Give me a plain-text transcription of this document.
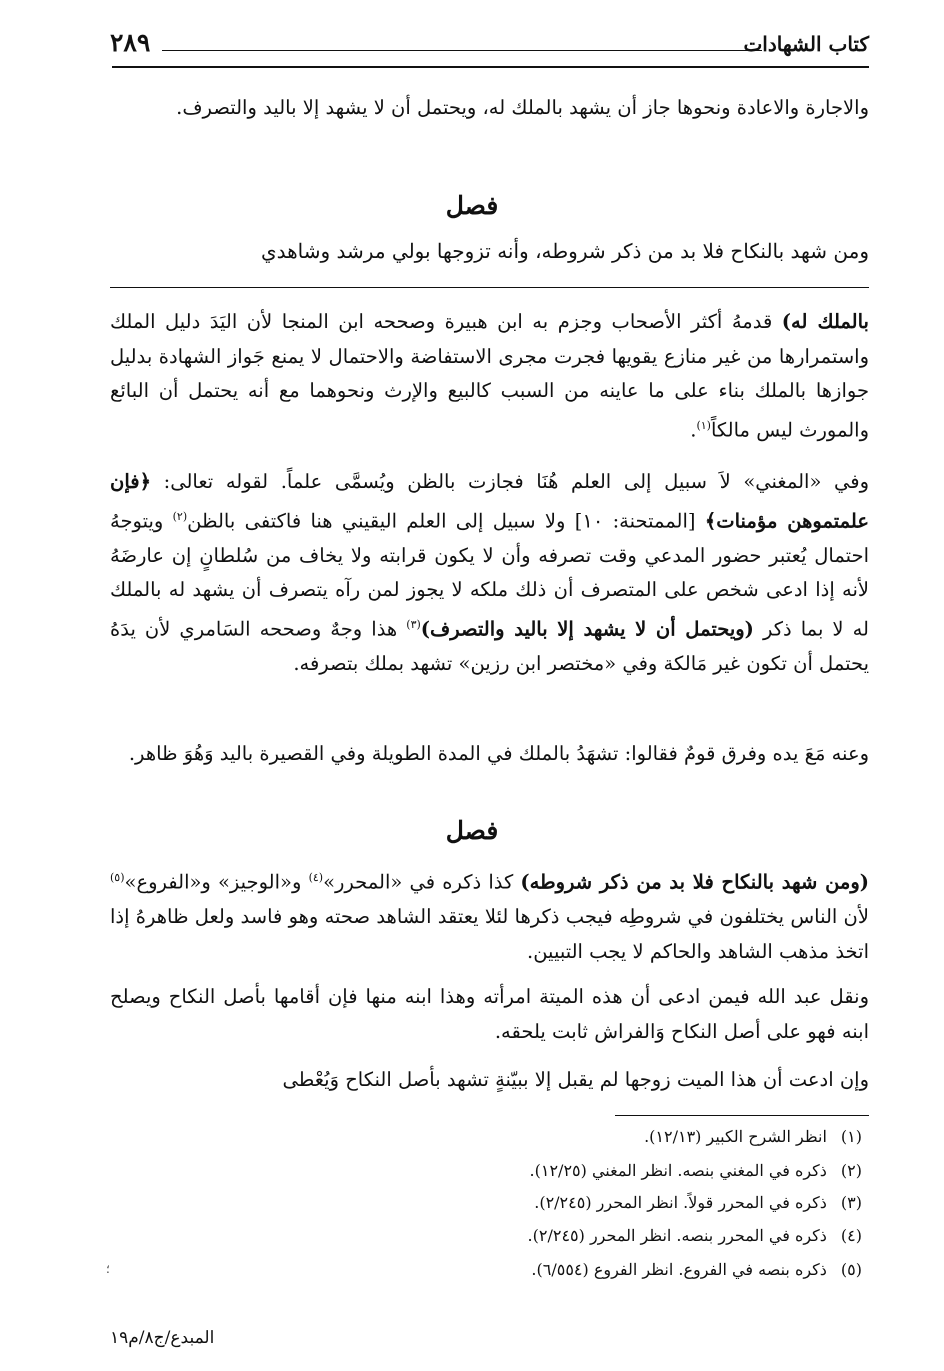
كتاب الشهادات
٢٨٩
والاجارة والاعادة ونحوها جاز أن يشهد بالملك له، ويحتمل أن لا يشهد إلا باليد والتصرف.
فصل
ومن شهد بالنكاح فلا بد من ذكر شروطه، وأنه تزوجها بولي مرشد وشاهدي
بالملك له) قدمهُ أكثر الأصحاب وجزم به ابن هبيرة وصححه ابن المنجا لأن اليَدَ دليل الملك واستمرارها من غير منازع يقويها فجرت مجرى الاستفاضة والاحتمال لا يمنع جَواز الشهادة بدليل جوازها بالملك بناء على ما عاينه من السبب كالبيع والإرث ونحوهما مع أنه يحتمل أن البائع والمورث ليس مالكاً$^{(١)}$.
وفي «المغني» لاَ سبيل إلى العلم هُنَا فجازت بالظن ويُسمَّى علماً. لقوله تعالى: ﴿فإن علمتموهن مؤمنات﴾ [الممتحنة: ١٠] ولا سبيل إلى العلم اليقيني هنا فاكتفى بالظن$^{(٢)}$ ويتوجهُ احتمال يُعتبر حضور المدعي وقت تصرفه وأن لا يكون قرابته ولا يخاف من سُلطانٍ إن عارضَهُ لأنه إذا ادعى شخص على المتصرف أن ذلك ملكه لا يجوز لمن رآه يتصرف أن يشهد له بالملك له لا بما ذكر (ويحتمل أن لا يشهد إلا باليد والتصرف)$^{(٣)}$ هذا وجهٌ وصححه السَامري لأن يدَهُ يحتمل أن تكون غير مَالكة وفي «مختصر ابن رزين» تشهد بملك بتصرفه.
وعنه مَعَ يده وفرق قومٌ فقالوا: تشهَدُ بالملك في المدة الطويلة وفي القصيرة باليد وَهُوَ ظاهر.
فصل
(ومن شهد بالنكاح فلا بد من ذكر شروطه) كذا ذكره في «المحرر»$^{(٤)}$ و«الوجيز» و«الفروع»$^{(٥)}$ لأن الناس يختلفون في شروطِه فيجب ذكرها لئلا يعتقد الشاهد صحته وهو فاسد ولعل ظاهرهُ إذا اتخذ مذهب الشاهد والحاكم لا يجب التبيين.
ونقل عبد الله فيمن ادعى أن هذه الميتة امرأته وهذا ابنه منها فإن أقامها بأصل النكاح ويصلح ابنه فهو على أصل النكاح وَالفراش ثابت يلحقه.
وإن ادعت أن هذا الميت زوجها لم يقبل إلا ببيّنةٍ تشهد بأصل النكاح وَيُعْطى
(١) انظر الشرح الكبير (١٢/١٣).
(٢) ذكره في المغني بنصه. انظر المغني (١٢/٢٥).
(٣) ذكره في المحرر قولاً. انظر المحرر (٢/٢٤٥).
(٤) ذكره في المحرر بنصه. انظر المحرر (٢/٢٤٥).
(٥) ذكره بنصه في الفروع. انظر الفروع (٦/٥٥٤).
؛
المبدع/ج٨/م١٩
